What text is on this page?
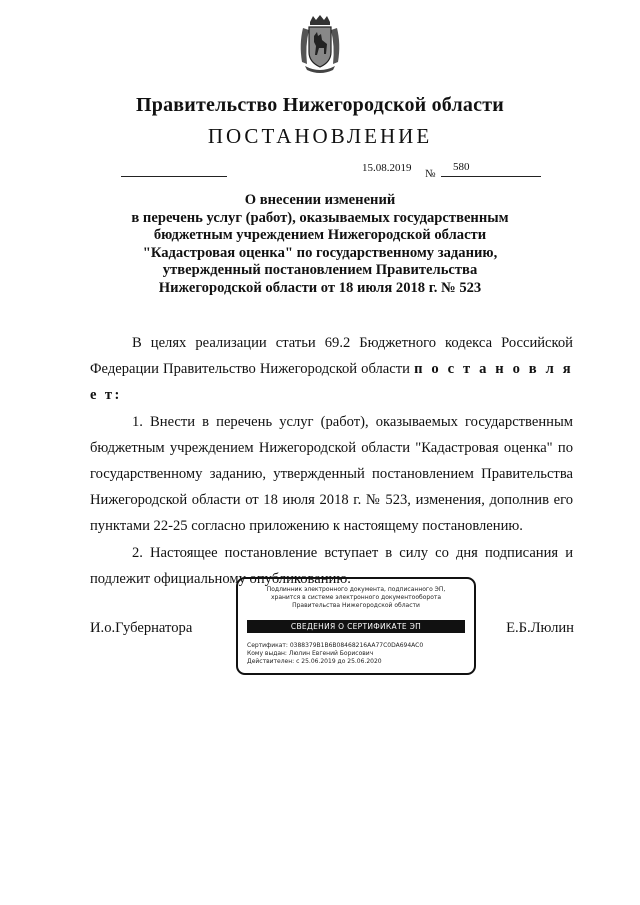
Правительство Нижегородской области
ПОСТАНОВЛЕНИЕ
15.08.2019 №
580
О внесении изменений
в перечень услуг (работ), оказываемых государственным
бюджетным учреждением Нижегородской области
"Кадастровая оценка" по государственному заданию,
утвержденный постановлением Правительства
Нижегородской области от 18 июля 2018 г. № 523

В целях реализации статьи 69.2 Бюджетного кодекса Российской Федерации Правительство Нижегородской области п о с т а н о в л я е т:

1. Внести в перечень услуг (работ), оказываемых государственным бюджетным учреждением Нижегородской области "Кадастровая оценка" по государственному заданию, утвержденный постановлением Правительства Нижегородской области от 18 июля 2018 г. № 523, изменения, дополнив его пунктами 22-25 согласно приложению к настоящему постановлению.

2. Настоящее постановление вступает в силу со дня подписания и подлежит официальному опубликованию.

И.о.Губернатора	Е.Б.Люлин
Подлинник электронного документа, подписанного ЭП,
хранится в системе электронного документооборота
Правительства Нижегородской области
СВЕДЕНИЯ О СЕРТИФИКАТЕ ЭП
Сертификат: 0388379B1B6B08468216AA77C0DA694AC0
Кому выдан: Люлин Евгений Борисович
Действителен: с 25.06.2019 до 25.06.2020
